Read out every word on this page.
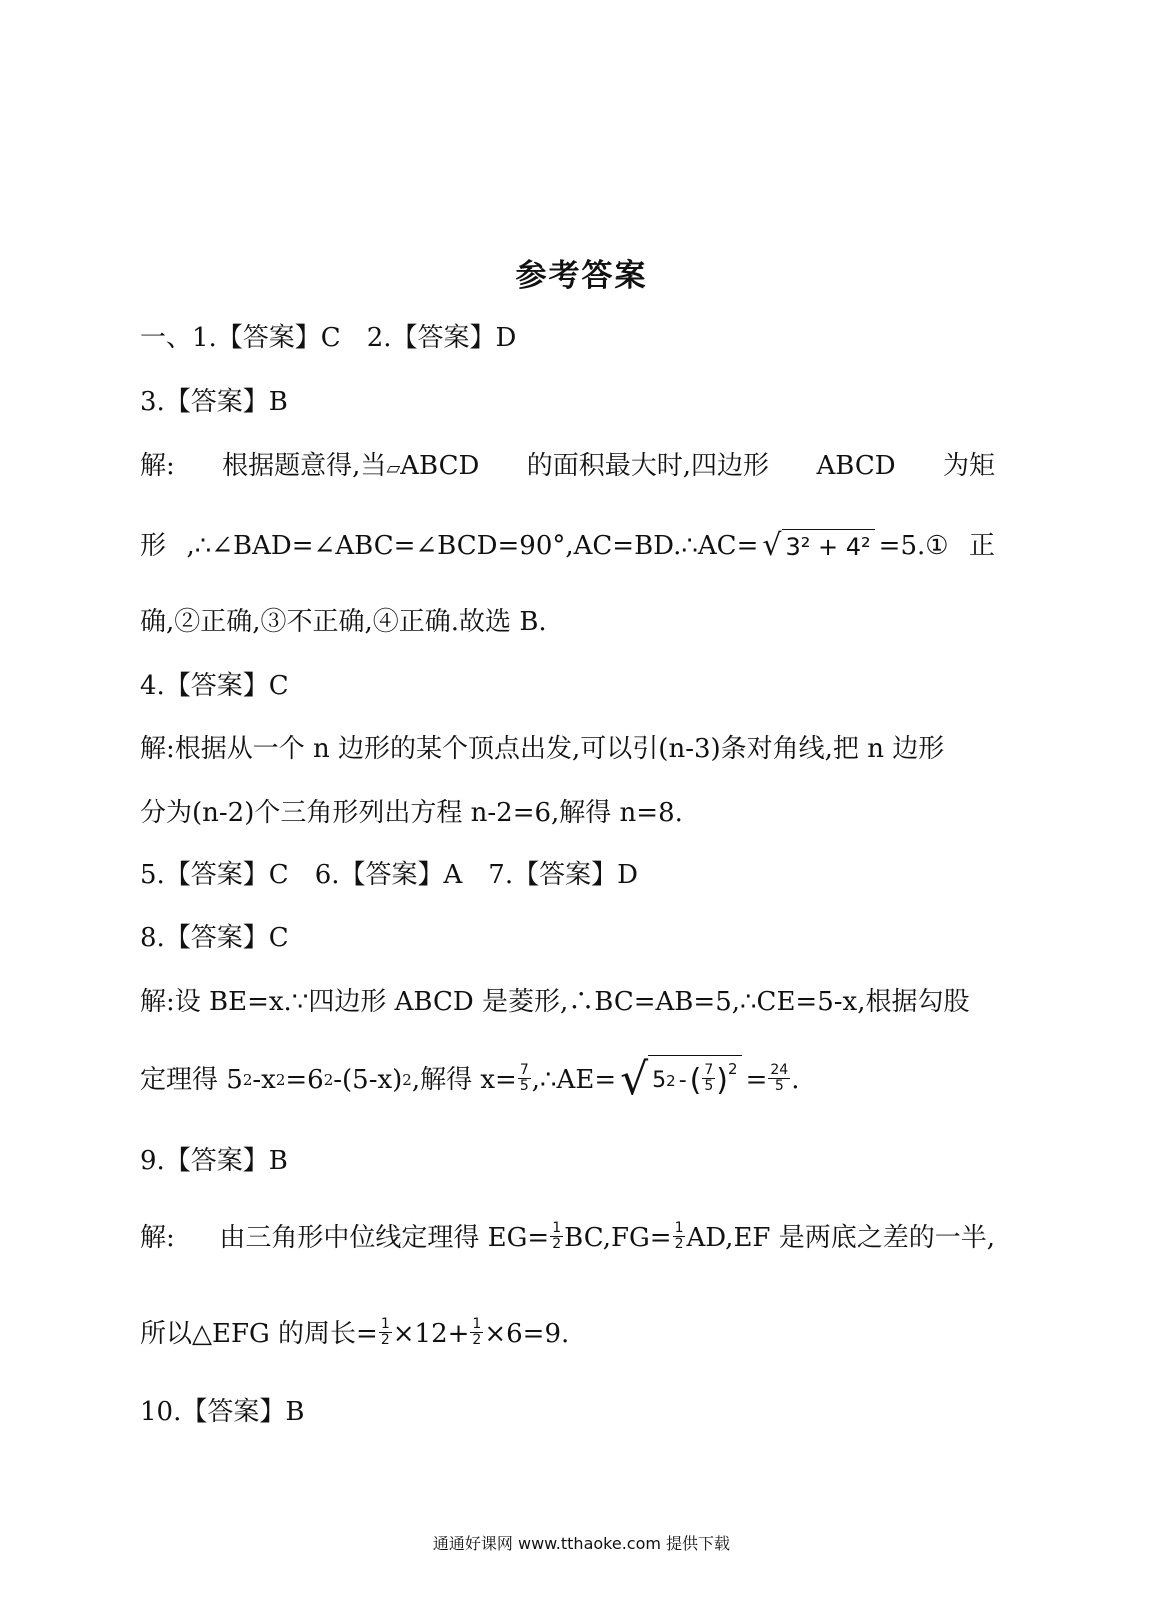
参考答案
一、1.【答案】C 2.【答案】D
3.【答案】B
解: 根据题意得,当▱ABCD 的面积最大时,四边形 ABCD 为矩
形 ,∴∠BAD=∠ABC=∠BCD=90°,AC=BD.∴AC= √ 3² + 4² =5.① 正
确,②正确,③不正确,④正确.故选 B.
4.【答案】C
解:根据从一个 n 边形的某个顶点出发,可以引(n-3)条对角线,把 n 边形
分为(n-2)个三角形列出方程 n-2=6,解得 n=8.
5.【答案】C 6.【答案】A 7.【答案】D
8.【答案】C
解:设 BE=x.∵四边形 ABCD 是菱形,∴BC=AB=5,∴CE=5-x,根据勾股
定理得 5 2 -x 2 =6 2 -(5-x) 2 ,解得 $x= \frac{7}{5}$ ,∴AE= √ 5 2 - ( $\frac{7}{5}$ ) $2 = \frac{24}{5}$ .
9.【答案】B
解: 由三角形中位线定理得 $EG= \frac{1}{2} BC,FG= \frac{1}{2} AD,EF$ 是两底之差的一半,
所以△EFG 的周长= $\frac{1}{2} \times 12+ \frac{1}{2} \times 6=9$.
10.【答案】B
通通好课网 www.tthaoke.com 提供下载
